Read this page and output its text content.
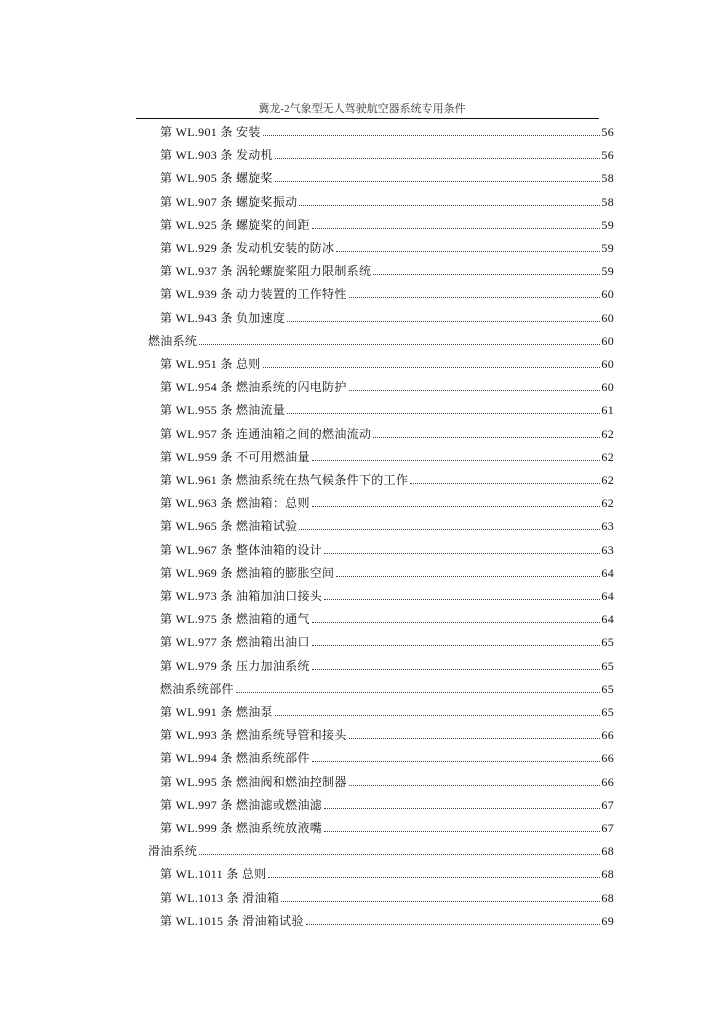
冀龙-2气象型无人驾驶航空器系统专用条件
第 WL.901 条 安装	56
第 WL.903 条 发动机	56
第 WL.905 条 螺旋桨	58
第 WL.907 条 螺旋桨振动	58
第 WL.925 条 螺旋桨的间距	59
第 WL.929 条 发动机安装的防冰	59
第 WL.937 条 涡轮螺旋桨阻力限制系统	59
第 WL.939 条 动力装置的工作特性	60
第 WL.943 条 负加速度	60
燃油系统	60
第 WL.951 条 总则	60
第 WL.954 条 燃油系统的闪电防护	60
第 WL.955 条 燃油流量	61
第 WL.957 条 连通油箱之间的燃油流动	62
第 WL.959 条 不可用燃油量	62
第 WL.961 条 燃油系统在热气候条件下的工作	62
第 WL.963 条 燃油箱：总则	62
第 WL.965 条 燃油箱试验	63
第 WL.967 条 整体油箱的设计	63
第 WL.969 条 燃油箱的膨胀空间	64
第 WL.973 条 油箱加油口接头	64
第 WL.975 条 燃油箱的通气	64
第 WL.977 条 燃油箱出油口	65
第 WL.979 条 压力加油系统	65
燃油系统部件	65
第 WL.991 条 燃油泵	65
第 WL.993 条 燃油系统导管和接头	66
第 WL.994 条 燃油系统部件	66
第 WL.995 条 燃油阀和燃油控制器	66
第 WL.997 条 燃油滤或燃油滤	67
第 WL.999 条 燃油系统放液嘴	67
滑油系统	68
第 WL.1011 条 总则	68
第 WL.1013 条 滑油箱	68
第 WL.1015 条 滑油箱试验	69
